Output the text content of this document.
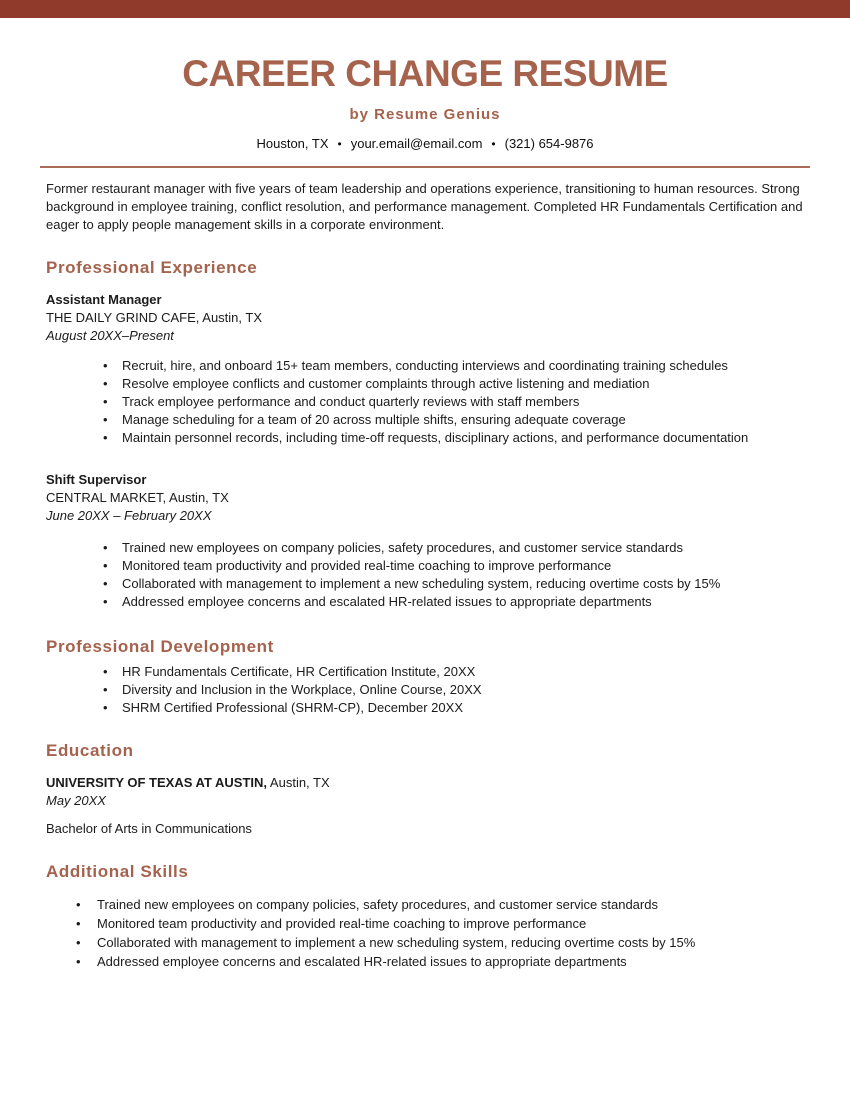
CAREER CHANGE RESUME
by Resume Genius
Houston, TX • your.email@email.com • (321) 654-9876
Former restaurant manager with five years of team leadership and operations experience, transitioning to human resources. Strong background in employee training, conflict resolution, and performance management. Completed HR Fundamentals Certification and eager to apply people management skills in a corporate environment.
Professional Experience
Assistant Manager
THE DAILY GRIND CAFE, Austin, TX
August 20XX–Present
• Recruit, hire, and onboard 15+ team members, conducting interviews and coordinating training schedules
• Resolve employee conflicts and customer complaints through active listening and mediation
• Track employee performance and conduct quarterly reviews with staff members
• Manage scheduling for a team of 20 across multiple shifts, ensuring adequate coverage
• Maintain personnel records, including time-off requests, disciplinary actions, and performance documentation
Shift Supervisor
CENTRAL MARKET, Austin, TX
June 20XX – February 20XX
• Trained new employees on company policies, safety procedures, and customer service standards
• Monitored team productivity and provided real-time coaching to improve performance
• Collaborated with management to implement a new scheduling system, reducing overtime costs by 15%
• Addressed employee concerns and escalated HR-related issues to appropriate departments
Professional Development
• HR Fundamentals Certificate, HR Certification Institute, 20XX
• Diversity and Inclusion in the Workplace, Online Course, 20XX
• SHRM Certified Professional (SHRM-CP), December 20XX
Education
UNIVERSITY OF TEXAS AT AUSTIN, Austin, TX
May 20XX
Bachelor of Arts in Communications
Additional Skills
• Trained new employees on company policies, safety procedures, and customer service standards
• Monitored team productivity and provided real-time coaching to improve performance
• Collaborated with management to implement a new scheduling system, reducing overtime costs by 15%
• Addressed employee concerns and escalated HR-related issues to appropriate departments
